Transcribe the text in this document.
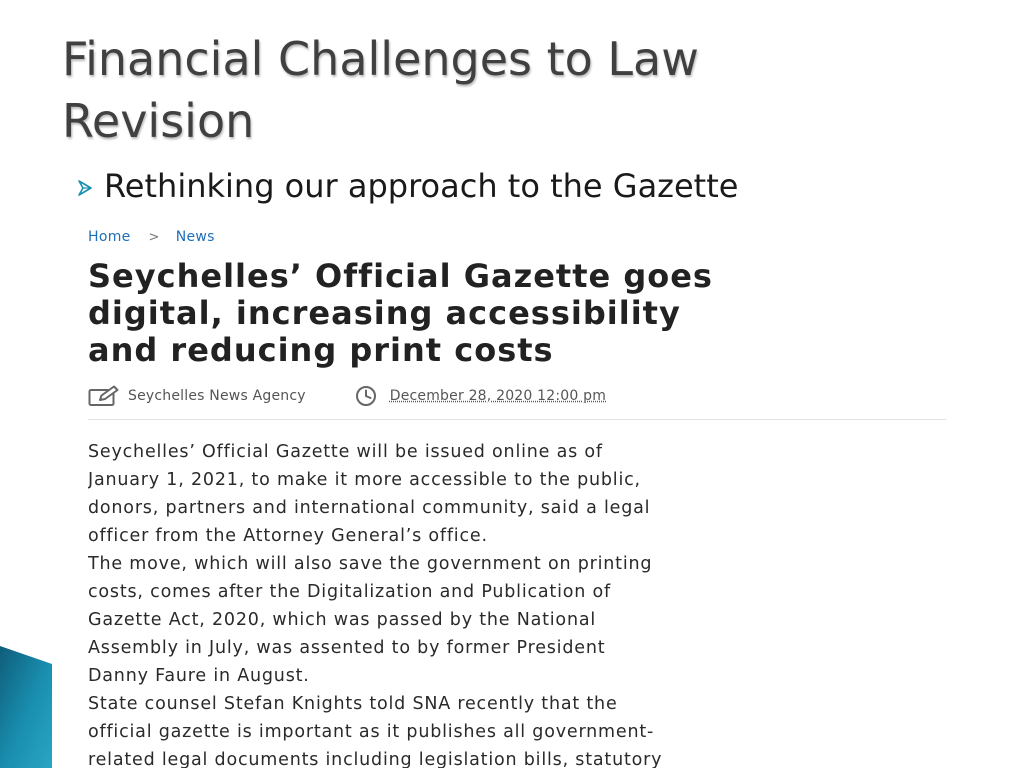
Financial Challenges to Law
Revision
Rethinking our approach to the Gazette
Home > News
Seychelles’ Official Gazette goes
digital, increasing accessibility
and reducing print costs
Seychelles News Agency	December 28, 2020 12:00 pm

Seychelles’ Official Gazette will be issued online as of
January 1, 2021, to make it more accessible to the public,
donors, partners and international community, said a legal
officer from the Attorney General’s office.

The move, which will also save the government on printing
costs, comes after the Digitalization and Publication of
Gazette Act, 2020, which was passed by the National
Assembly in July, was assented to by former President
Danny Faure in August.

State counsel Stefan Knights told SNA recently that the
official gazette is important as it publishes all government-
related legal documents including legislation bills, statutory
